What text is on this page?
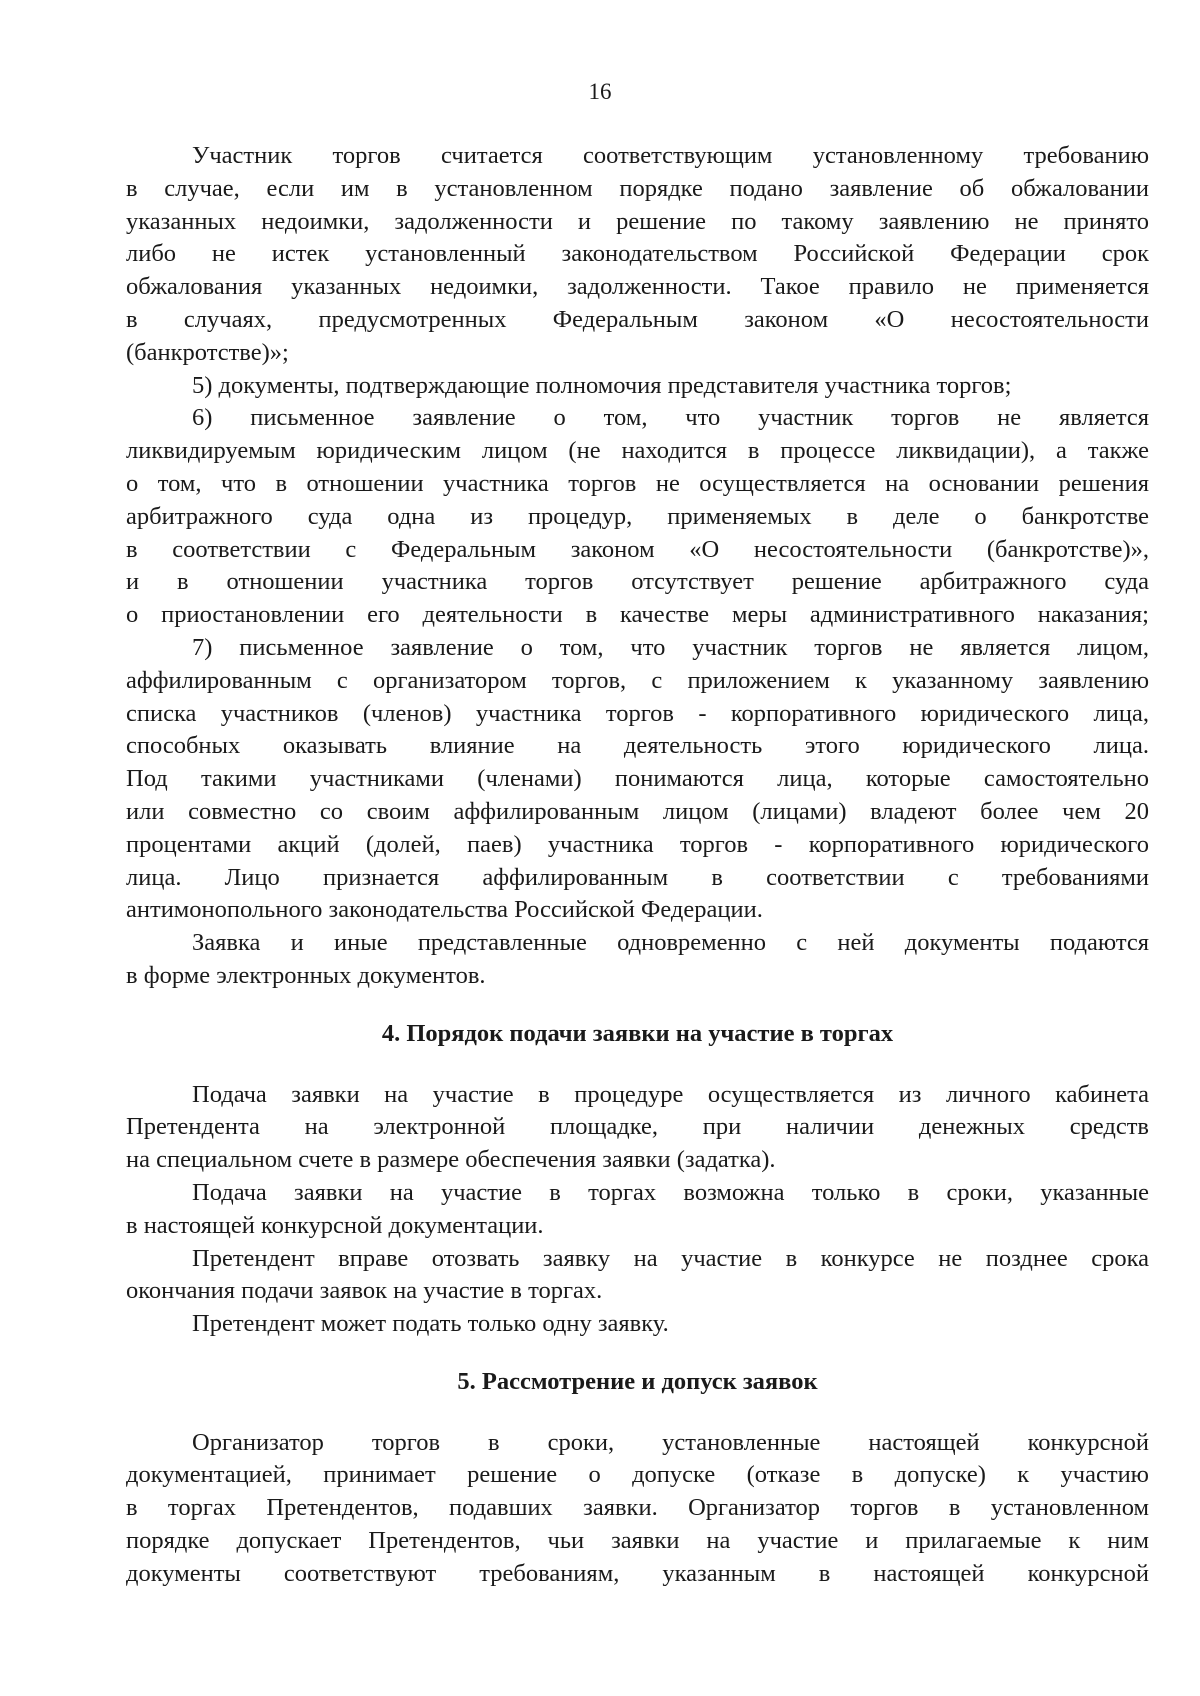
16
Участник торгов считается соответствующим установленному требованию
в случае, если им в установленном порядке подано заявление об обжаловании
указанных недоимки, задолженности и решение по такому заявлению не принято
либо не истек установленный законодательством Российской Федерации срок
обжалования указанных недоимки, задолженности. Такое правило не применяется
в случаях, предусмотренных Федеральным законом «О несостоятельности
(банкротстве)»;
5) документы, подтверждающие полномочия представителя участника торгов;
6) письменное заявление о том, что участник торгов не является
ликвидируемым юридическим лицом (не находится в процессе ликвидации), а также
о том, что в отношении участника торгов не осуществляется на основании решения
арбитражного суда одна из процедур, применяемых в деле о банкротстве
в соответствии с Федеральным законом «О несостоятельности (банкротстве)»,
и в отношении участника торгов отсутствует решение арбитражного суда
о приостановлении его деятельности в качестве меры административного наказания;
7) письменное заявление о том, что участник торгов не является лицом,
аффилированным с организатором торгов, с приложением к указанному заявлению
списка участников (членов) участника торгов - корпоративного юридического лица,
способных оказывать влияние на деятельность этого юридического лица.
Под такими участниками (членами) понимаются лица, которые самостоятельно
или совместно со своим аффилированным лицом (лицами) владеют более чем 20
процентами акций (долей, паев) участника торгов - корпоративного юридического
лица. Лицо признается аффилированным в соответствии с требованиями
антимонопольного законодательства Российской Федерации.
Заявка и иные представленные одновременно с ней документы подаются
в форме электронных документов.
4. Порядок подачи заявки на участие в торгах
Подача заявки на участие в процедуре осуществляется из личного кабинета
Претендента на электронной площадке, при наличии денежных средств
на специальном счете в размере обеспечения заявки (задатка).
Подача заявки на участие в торгах возможна только в сроки, указанные
в настоящей конкурсной документации.
Претендент вправе отозвать заявку на участие в конкурсе не позднее срока
окончания подачи заявок на участие в торгах.
Претендент может подать только одну заявку.
5. Рассмотрение и допуск заявок
Организатор торгов в сроки, установленные настоящей конкурсной
документацией, принимает решение о допуске (отказе в допуске) к участию
в торгах Претендентов, подавших заявки. Организатор торгов в установленном
порядке допускает Претендентов, чьи заявки на участие и прилагаемые к ним
документы соответствуют требованиям, указанным в настоящей конкурсной
